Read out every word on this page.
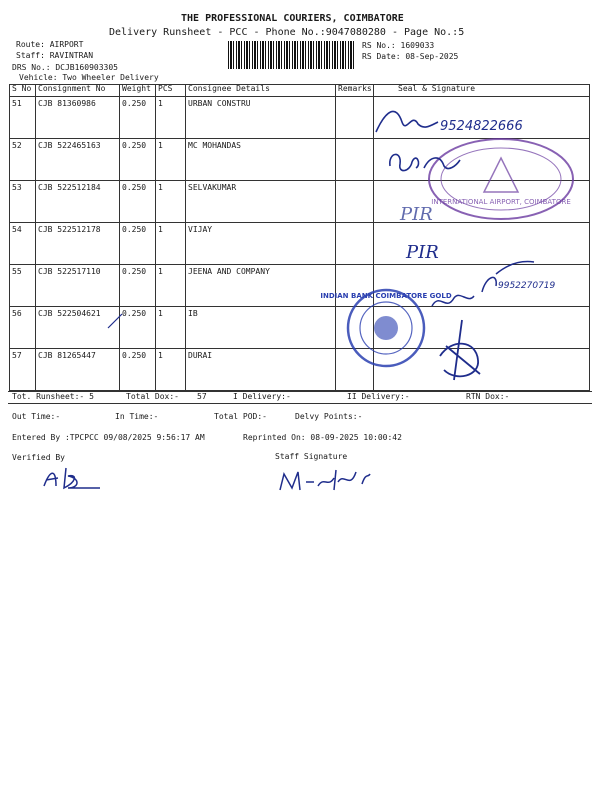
THE PROFESSIONAL COURIERS, COIMBATORE
Delivery Runsheet - PCC - Phone No.:9047080280 - Page No.:5
Route: AIRPORT
Staff: RAVINTRAN
DRS No.: DCJB160903305
Vehicle: Two Wheeler Delivery
RS No.: 1609033
RS Date: 08-Sep-2025
S No	Consignment No	Weight	PCS	Consignee Details	Remarks	Seal & Signature

51	CJB 81360986	0.250	1	URBAN CONSTRU		

52	CJB 522465163	0.250	1	MC MOHANDAS		

53	CJB 522512184	0.250	1	SELVAKUMAR		

54	CJB 522512178	0.250	1	VIJAY		

55	CJB 522517110	0.250	1	JEENA AND COMPANY		

56	CJB 522504621	0.250	1	IB		

57	CJB 81265447	0.250	1	DURAI		

Tot. Runsheet:- 5	Total Dox:- 57	I Delivery:-	II Delivery:-	RTN Dox:-
Out Time:-	In Time:-	Total POD:-	Delvy Points:-
Entered By :TPCPCC 09/08/2025 9:56:17 AM	Reprinted On: 08-09-2025 10:00:42
Verified By	Staff Signature
INTERNATIONAL AIRPORT, COIMBATORE
INDIAN BANK COIMBATORE GOLD
9524822666
PIR
PIR
9952270719
